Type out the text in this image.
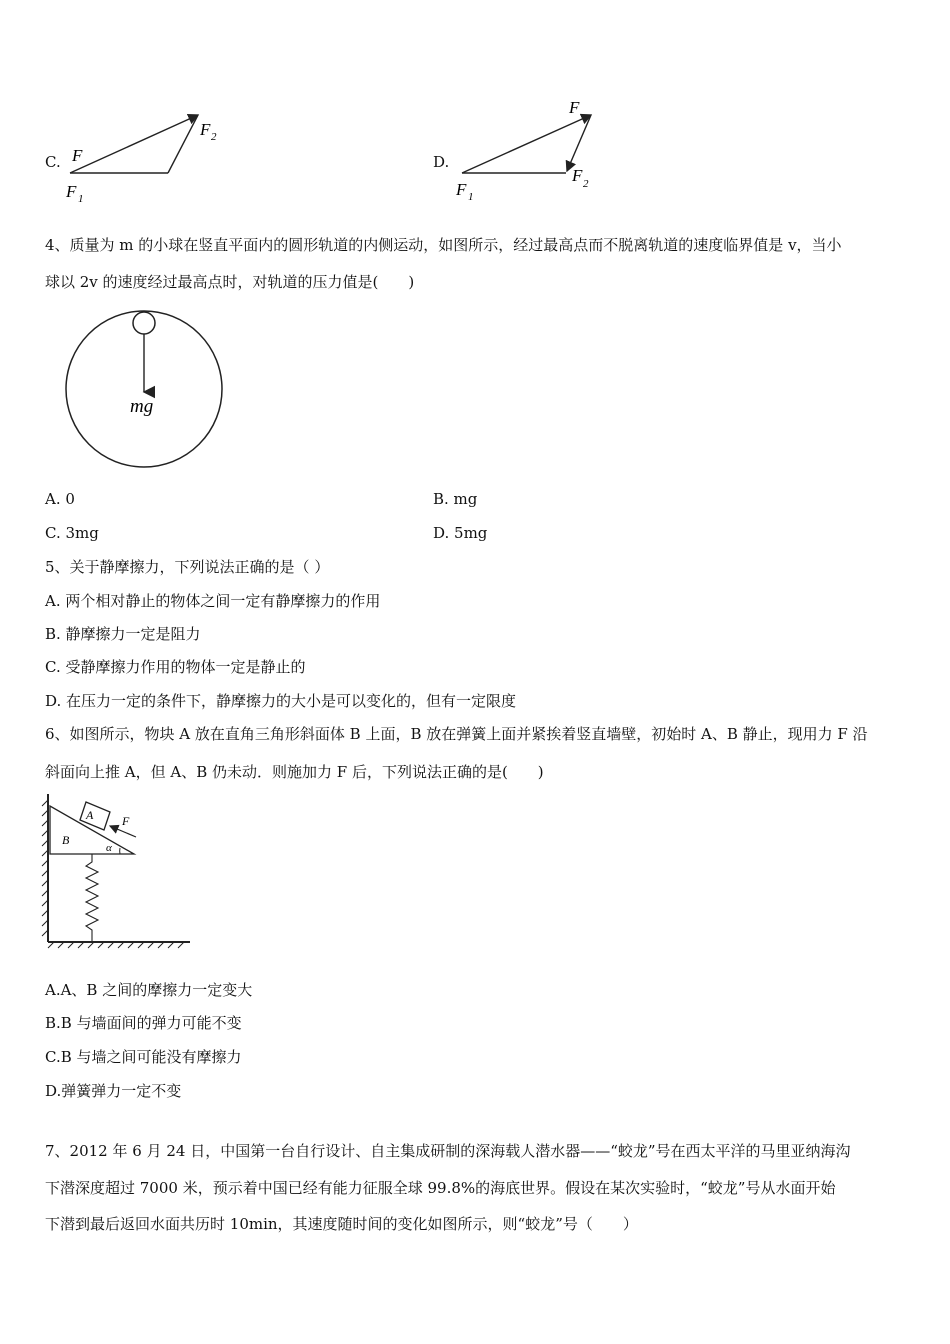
C. F
F 1
F 2
D.
F
F 1
F 2
4、质量为 m 的小球在竖直平面内的圆形轨道的内侧运动，如图所示，经过最高点而不脱离轨道的速度临界值是 v，当小
球以 2v 的速度经过最高点时，对轨道的压力值是(　　)
mg
A. 0	B. mg
C. 3mg	D. 5mg
5、关于静摩擦力，下列说法正确的是（ ）
A. 两个相对静止的物体之间一定有静摩擦力的作用
B. 静摩擦力一定是阻力
C. 受静摩擦力作用的物体一定是静止的
D. 在压力一定的条件下，静摩擦力的大小是可以变化的，但有一定限度
6、如图所示，物块 A 放在直角三角形斜面体 B 上面，B 放在弹簧上面并紧挨着竖直墙壁，初始时 A、B 静止，现用力 F 沿
斜面向上推 A，但 A、B 仍未动．则施加力 F 后，下列说法正确的是(　　)
A
B
F
α
A.A、B 之间的摩擦力一定变大
B.B 与墙面间的弹力可能不变
C.B 与墙之间可能没有摩擦力
D.弹簧弹力一定不变
7、2012 年 6 月 24 日，中国第一台自行设计、自主集成研制的深海载人潜水器——“蛟龙”号在西太平洋的马里亚纳海沟
下潜深度超过 7000 米，预示着中国已经有能力征服全球 99.8%的海底世界。假设在某次实验时，“蛟龙”号从水面开始
下潜到最后返回水面共历时 10min，其速度随时间的变化如图所示，则“蛟龙”号（　　）
